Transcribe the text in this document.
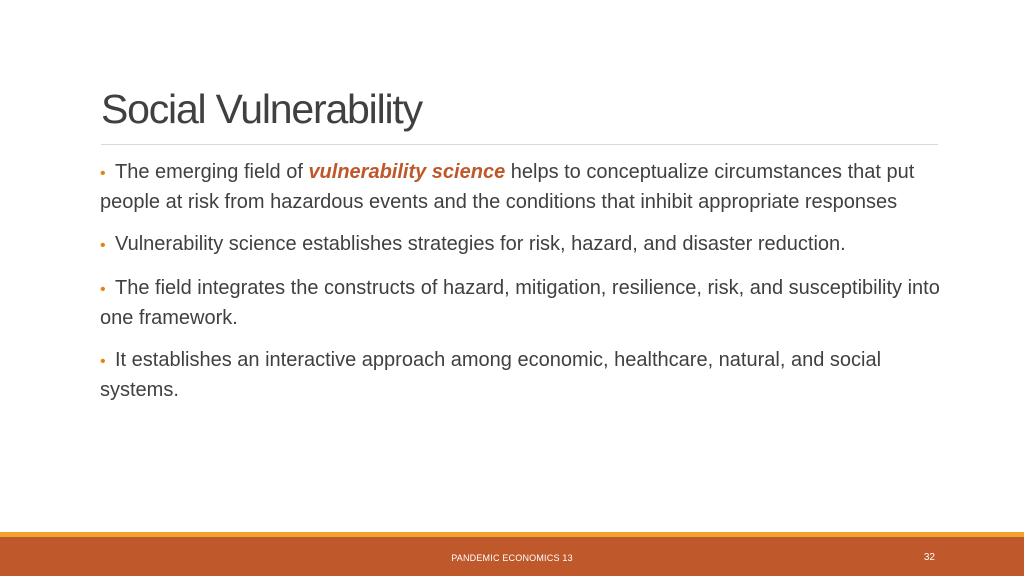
Social Vulnerability
• The emerging field of vulnerability science helps to conceptualize circumstances that put people at risk from hazardous events and the conditions that inhibit appropriate responses
• Vulnerability science establishes strategies for risk, hazard, and disaster reduction.
• The field integrates the constructs of hazard, mitigation, resilience, risk, and susceptibility into one framework.
• It establishes an interactive approach among economic, healthcare, natural, and social systems.
PANDEMIC ECONOMICS 13	32
